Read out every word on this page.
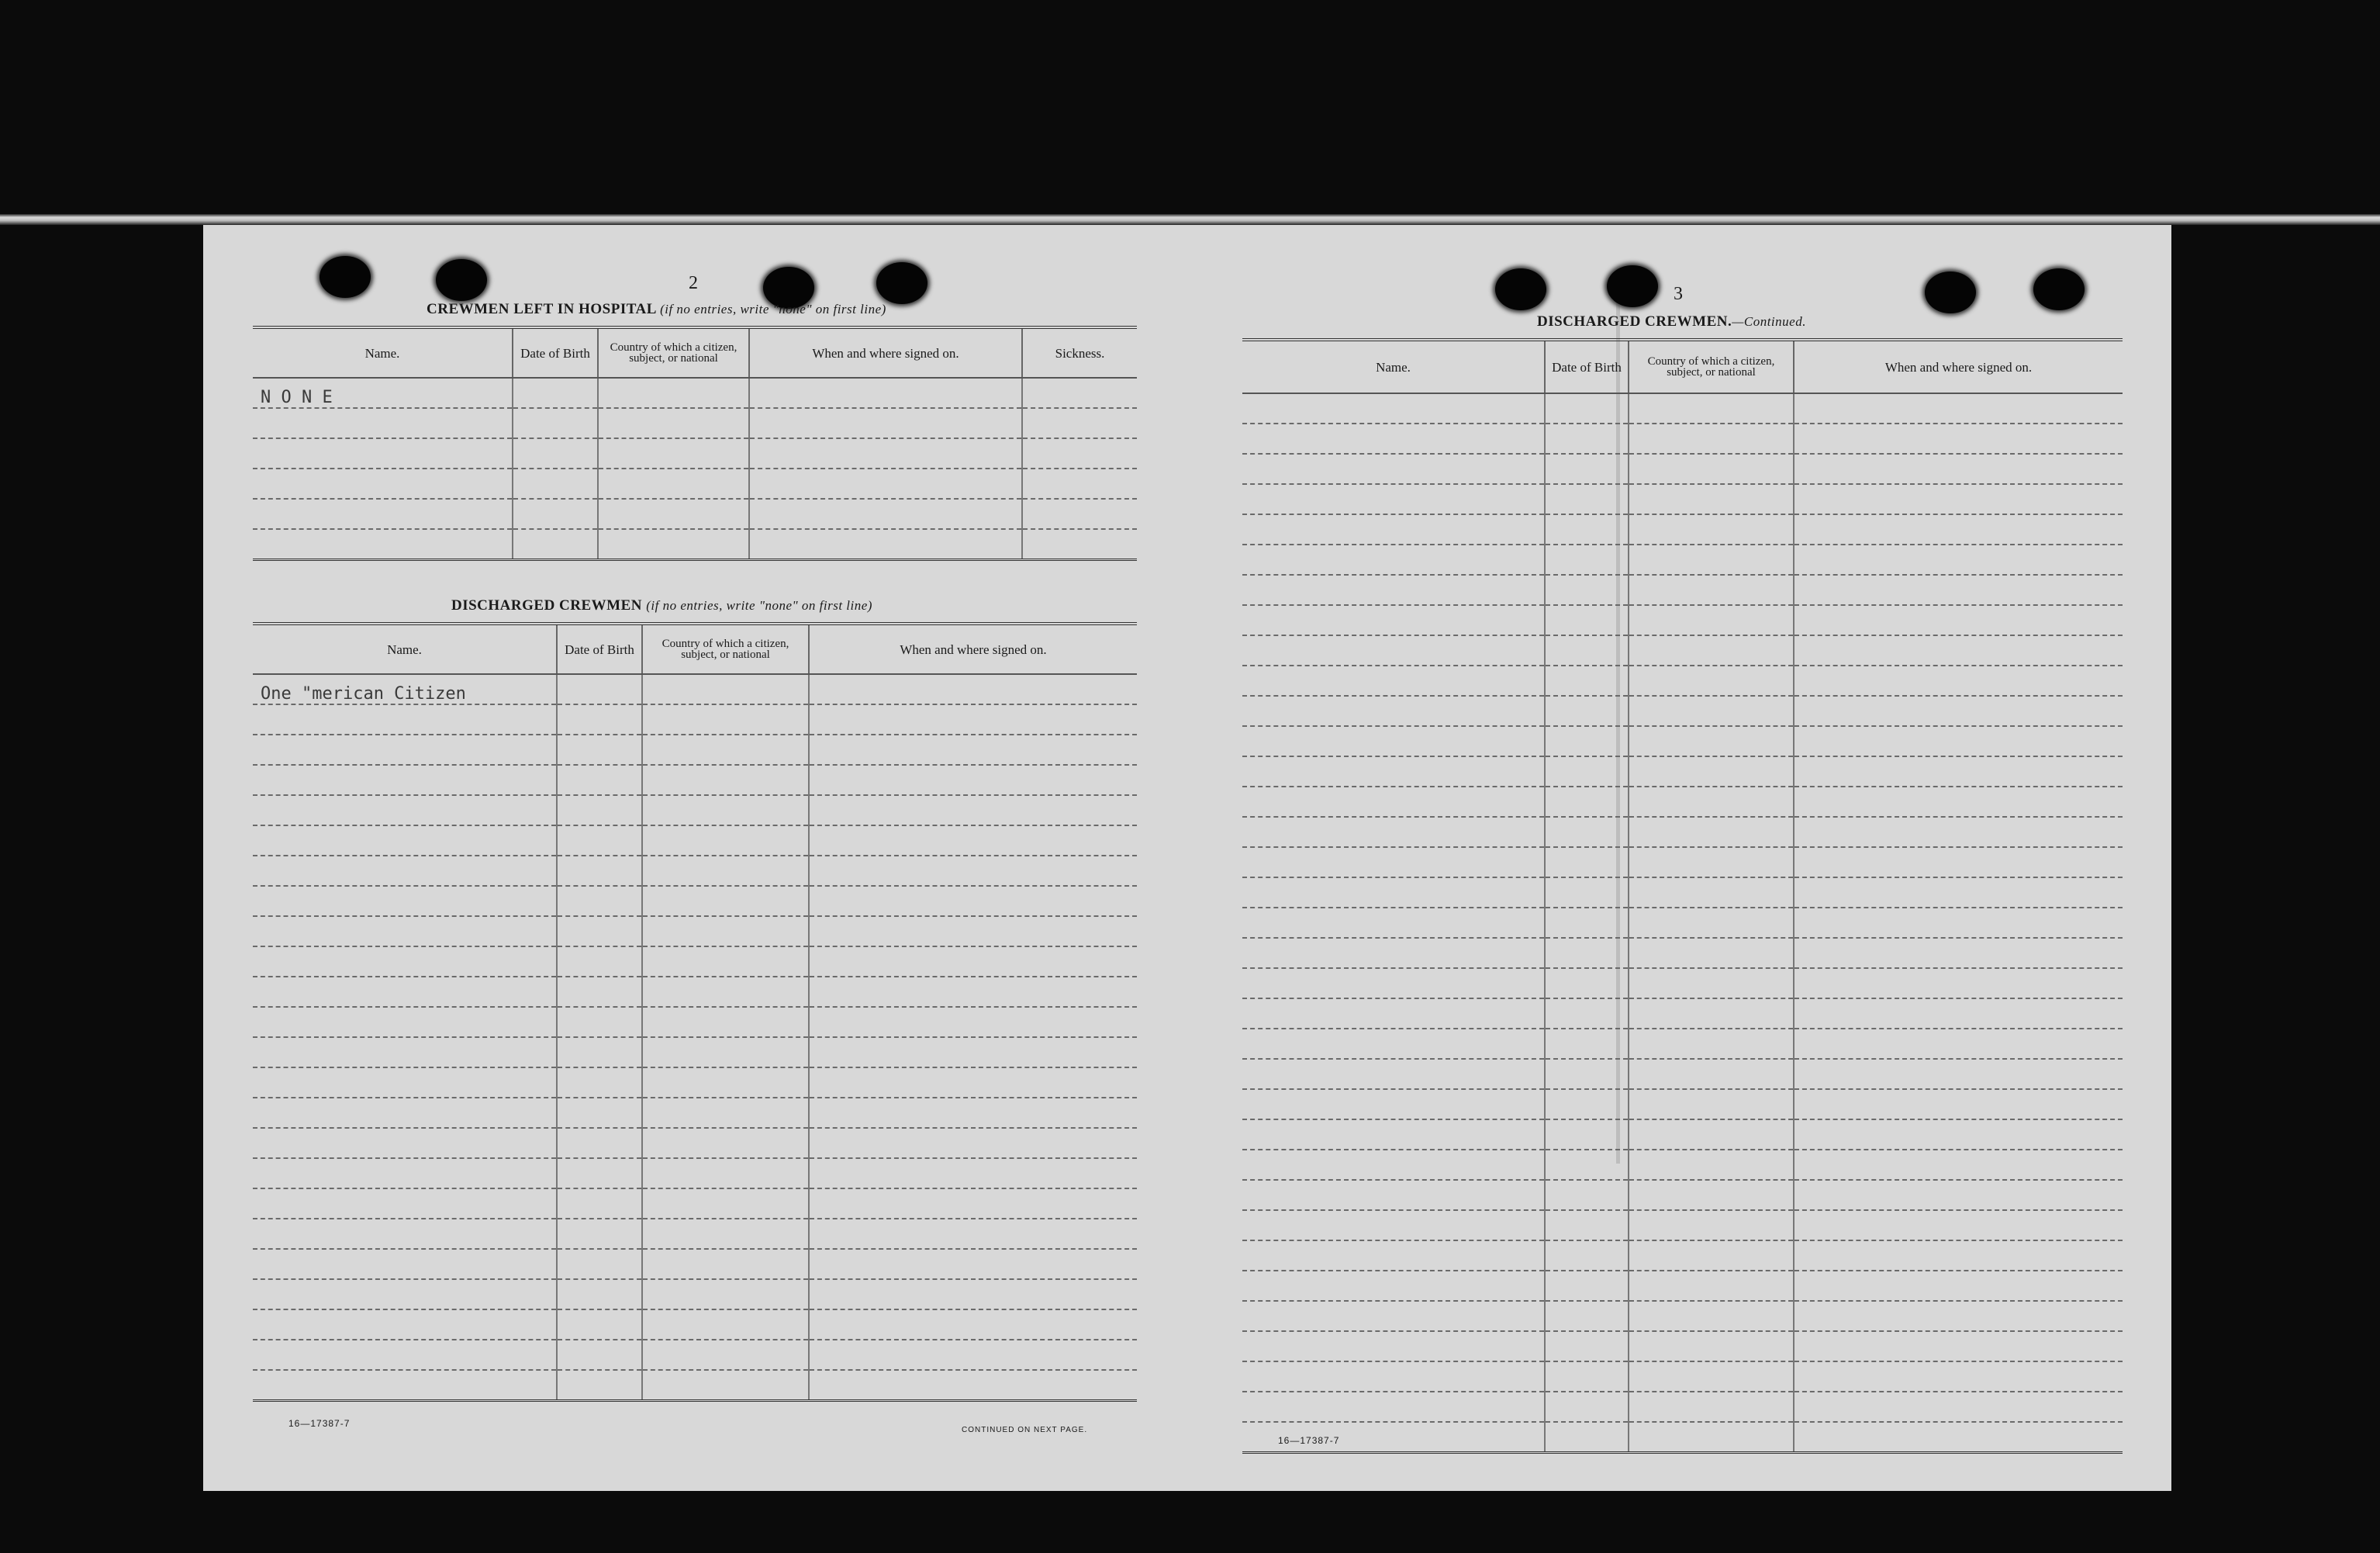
2
CREWMEN LEFT IN HOSPITAL (if no entries, write "none" on first line)
Name.	Date of Birth	Country of which a citizen, subject, or national	When and where signed on.	Sickness.
N O N E				

DISCHARGED CREWMEN (if no entries, write "none" on first line)
Name.	Date of Birth	Country of which a citizen, subject, or national	When and where signed on.
One "merican Citizen			

16—17387-7
CONTINUED ON NEXT PAGE.
3
DISCHARGED CREWMEN.—Continued.
Name.	Date of Birth	Country of which a citizen, subject, or national	When and where signed on.

16—17387-7
